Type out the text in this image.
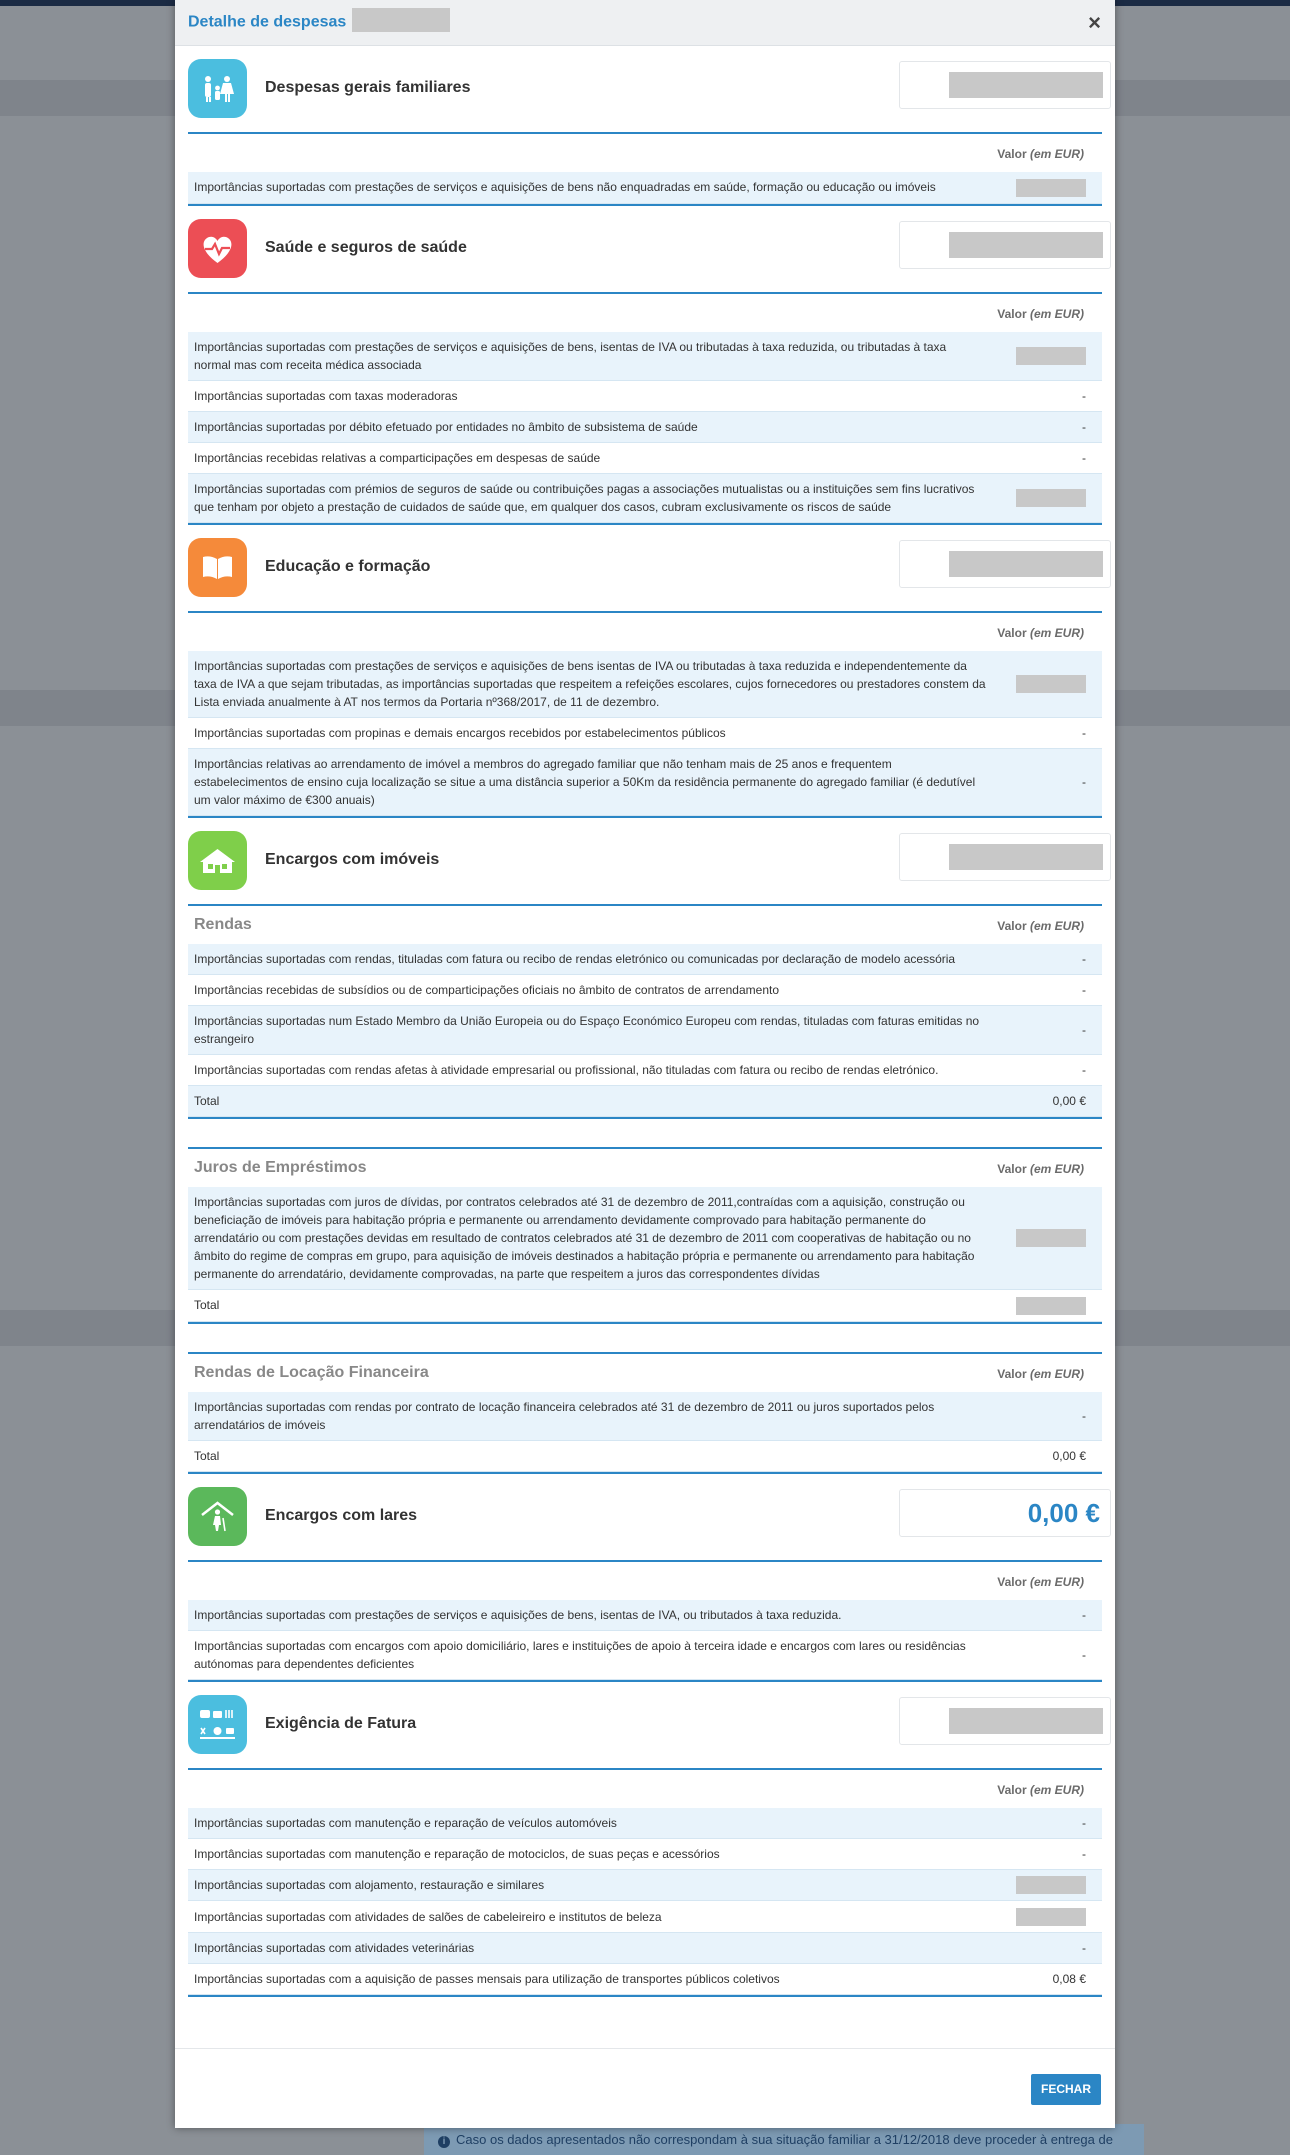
i Caso os dados apresentados não correspondam à sua situação familiar a 31/12/2018 deve proceder à entrega de
Detalhe de despesas	×
Despesas gerais familiares
Valor (em EUR)
Importâncias suportadas com prestações de serviços e aquisições de bens não enquadradas em saúde, formação ou educação ou imóveis	
Saúde e seguros de saúde
Valor (em EUR)
Importâncias suportadas com prestações de serviços e aquisições de bens, isentas de IVA ou tributadas à taxa reduzida, ou tributadas à taxa normal mas com receita médica associada	
Importâncias suportadas com taxas moderadoras	-
Importâncias suportadas por débito efetuado por entidades no âmbito de subsistema de saúde	-
Importâncias recebidas relativas a comparticipações em despesas de saúde	-
Importâncias suportadas com prémios de seguros de saúde ou contribuições pagas a associações mutualistas ou a instituições sem fins lucrativos que tenham por objeto a prestação de cuidados de saúde que, em qualquer dos casos, cubram exclusivamente os riscos de saúde	
Educação e formação
Valor (em EUR)
Importâncias suportadas com prestações de serviços e aquisições de bens isentas de IVA ou tributadas à taxa reduzida e independentemente da taxa de IVA a que sejam tributadas, as importâncias suportadas que respeitem a refeições escolares, cujos fornecedores ou prestadores constem da Lista enviada anualmente à AT nos termos da Portaria nº368/2017, de 11 de dezembro.	
Importâncias suportadas com propinas e demais encargos recebidos por estabelecimentos públicos	-
Importâncias relativas ao arrendamento de imóvel a membros do agregado familiar que não tenham mais de 25 anos e frequentem estabelecimentos de ensino cuja localização se situe a uma distância superior a 50Km da residência permanente do agregado familiar (é dedutível um valor máximo de €300 anuais)	-
Encargos com imóveis
Rendas	Valor (em EUR)
Importâncias suportadas com rendas, tituladas com fatura ou recibo de rendas eletrónico ou comunicadas por declaração de modelo acessória	-
Importâncias recebidas de subsídios ou de comparticipações oficiais no âmbito de contratos de arrendamento	-
Importâncias suportadas num Estado Membro da União Europeia ou do Espaço Económico Europeu com rendas, tituladas com faturas emitidas no estrangeiro	-
Importâncias suportadas com rendas afetas à atividade empresarial ou profissional, não tituladas com fatura ou recibo de rendas eletrónico.	-
Total	0,00 €
Juros de Empréstimos	Valor (em EUR)
Importâncias suportadas com juros de dívidas, por contratos celebrados até 31 de dezembro de 2011,contraídas com a aquisição, construção ou beneficiação de imóveis para habitação própria e permanente ou arrendamento devidamente comprovado para habitação permanente do arrendatário ou com prestações devidas em resultado de contratos celebrados até 31 de dezembro de 2011 com cooperativas de habitação ou no âmbito do regime de compras em grupo, para aquisição de imóveis destinados a habitação própria e permanente ou arrendamento para habitação permanente do arrendatário, devidamente comprovadas, na parte que respeitem a juros das correspondentes dívidas	
Total	
Rendas de Locação Financeira	Valor (em EUR)
Importâncias suportadas com rendas por contrato de locação financeira celebrados até 31 de dezembro de 2011 ou juros suportados pelos arrendatários de imóveis	-
Total	0,00 €
Encargos com lares	0,00 €
Valor (em EUR)
Importâncias suportadas com prestações de serviços e aquisições de bens, isentas de IVA, ou tributados à taxa reduzida.	-
Importâncias suportadas com encargos com apoio domiciliário, lares e instituições de apoio à terceira idade e encargos com lares ou residências autónomas para dependentes deficientes	-
Exigência de Fatura
Valor (em EUR)
Importâncias suportadas com manutenção e reparação de veículos automóveis	-
Importâncias suportadas com manutenção e reparação de motociclos, de suas peças e acessórios	-
Importâncias suportadas com alojamento, restauração e similares	
Importâncias suportadas com atividades de salões de cabeleireiro e institutos de beleza	
Importâncias suportadas com atividades veterinárias	-
Importâncias suportadas com a aquisição de passes mensais para utilização de transportes públicos coletivos	0,08 €
FECHAR
